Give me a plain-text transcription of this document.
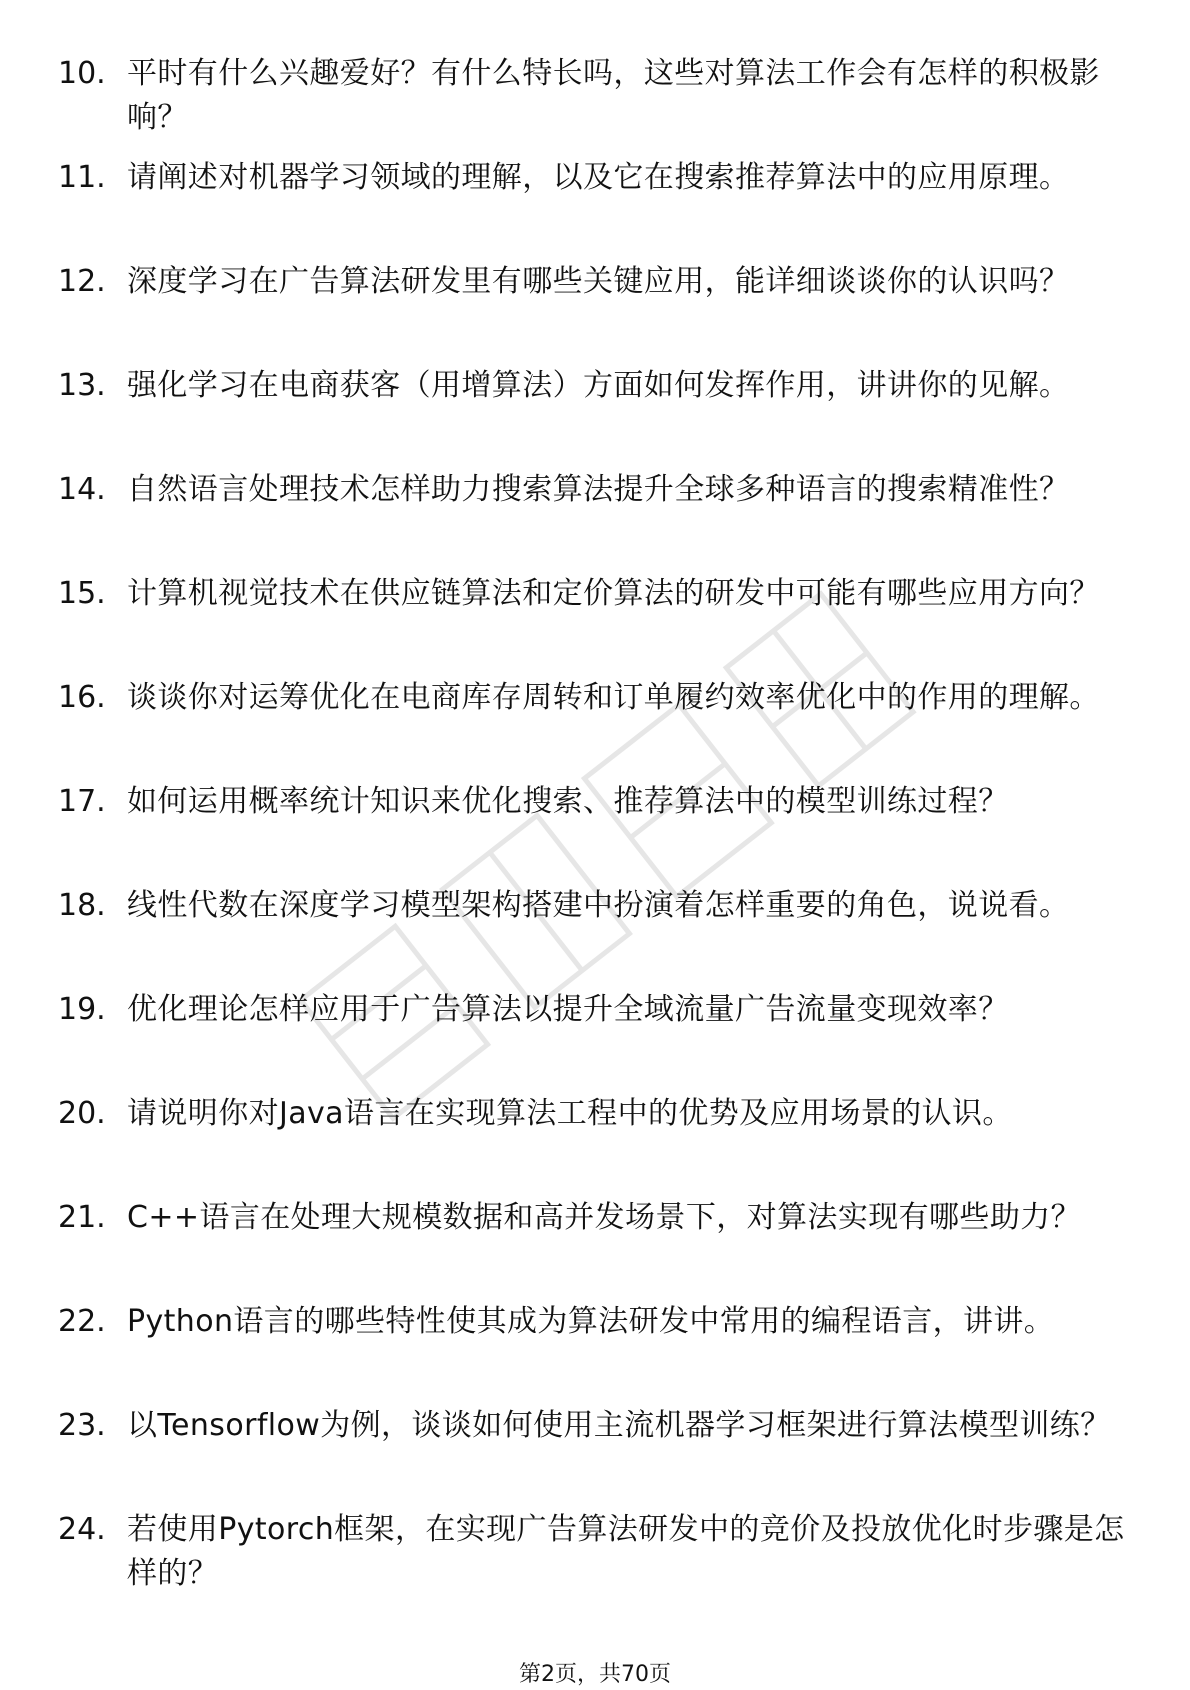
10. 平时有什么兴趣爱好？有什么特长吗，这些对算法工作会有怎样的积极影响？
11. 请阐述对机器学习领域的理解，以及它在搜索推荐算法中的应用原理。
12. 深度学习在广告算法研发里有哪些关键应用，能详细谈谈你的认识吗？
13. 强化学习在电商获客（用增算法）方面如何发挥作用，讲讲你的见解。
14. 自然语言处理技术怎样助力搜索算法提升全球多种语言的搜索精准性？
15. 计算机视觉技术在供应链算法和定价算法的研发中可能有哪些应用方向？
16. 谈谈你对运筹优化在电商库存周转和订单履约效率优化中的作用的理解。
17. 如何运用概率统计知识来优化搜索、推荐算法中的模型训练过程？
18. 线性代数在深度学习模型架构搭建中扮演着怎样重要的角色，说说看。
19. 优化理论怎样应用于广告算法以提升全域流量广告流量变现效率？
20. 请说明你对Java语言在实现算法工程中的优势及应用场景的认识。
21. C++语言在处理大规模数据和高并发场景下，对算法实现有哪些助力？
22. Python语言的哪些特性使其成为算法研发中常用的编程语言，讲讲。
23. 以Tensorflow为例，谈谈如何使用主流机器学习框架进行算法模型训练？
24. 若使用Pytorch框架，在实现广告算法研发中的竞价及投放优化时步骤是怎样的？
第2页，共70页
